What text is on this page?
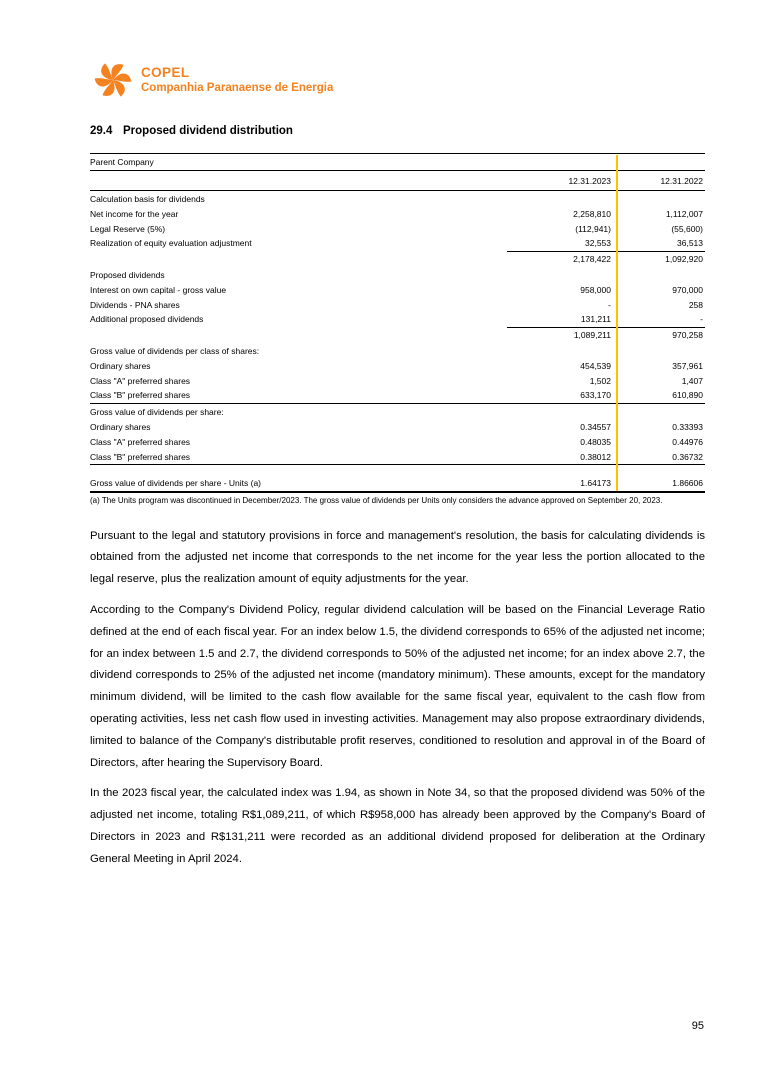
COPEL
Companhia Paranaense de Energia
29.4 Proposed dividend distribution
Parent Company
12.31.2023	12.31.2022
Calculation basis for dividends
Net income for the year	2,258,810	1,112,007
Legal Reserve (5%)	(112,941)	(55,600)
Realization of equity evaluation adjustment	32,553	36,513
2,178,422	1,092,920
Proposed dividends
Interest on own capital - gross value	958,000	970,000
Dividends - PNA shares	-	258
Additional proposed dividends	131,211	-
1,089,211	970,258
Gross value of dividends per class of shares:
Ordinary shares	454,539	357,961
Class "A" preferred shares	1,502	1,407
Class "B" preferred shares	633,170	610,890
Gross value of dividends per share:
Ordinary shares	0.34557	0.33393
Class "A" preferred shares	0.48035	0.44976
Class "B" preferred shares	0.38012	0.36732
Gross value of dividends per share - Units (a)	1.64173	1.86606
(a) The Units program was discontinued in December/2023. The gross value of dividends per Units only considers the advance approved on September 20, 2023.

Pursuant to the legal and statutory provisions in force and management's resolution, the basis for calculating dividends is obtained from the adjusted net income that corresponds to the net income for the year less the portion allocated to the legal reserve, plus the realization amount of equity adjustments for the year.

According to the Company's Dividend Policy, regular dividend calculation will be based on the Financial Leverage Ratio defined at the end of each fiscal year. For an index below 1.5, the dividend corresponds to 65% of the adjusted net income; for an index between 1.5 and 2.7, the dividend corresponds to 50% of the adjusted net income; for an index above 2.7, the dividend corresponds to 25% of the adjusted net income (mandatory minimum). These amounts, except for the mandatory minimum dividend, will be limited to the cash flow available for the same fiscal year, equivalent to the cash flow from operating activities, less net cash flow used in investing activities. Management may also propose extraordinary dividends, limited to balance of the Company's distributable profit reserves, conditioned to resolution and approval in of the Board of Directors, after hearing the Supervisory Board.

In the 2023 fiscal year, the calculated index was 1.94, as shown in Note 34, so that the proposed dividend was 50% of the adjusted net income, totaling R$1,089,211, of which R$958,000 has already been approved by the Company's Board of Directors in 2023 and R$131,211 were recorded as an additional dividend proposed for deliberation at the Ordinary General Meeting in April 2024.

95
